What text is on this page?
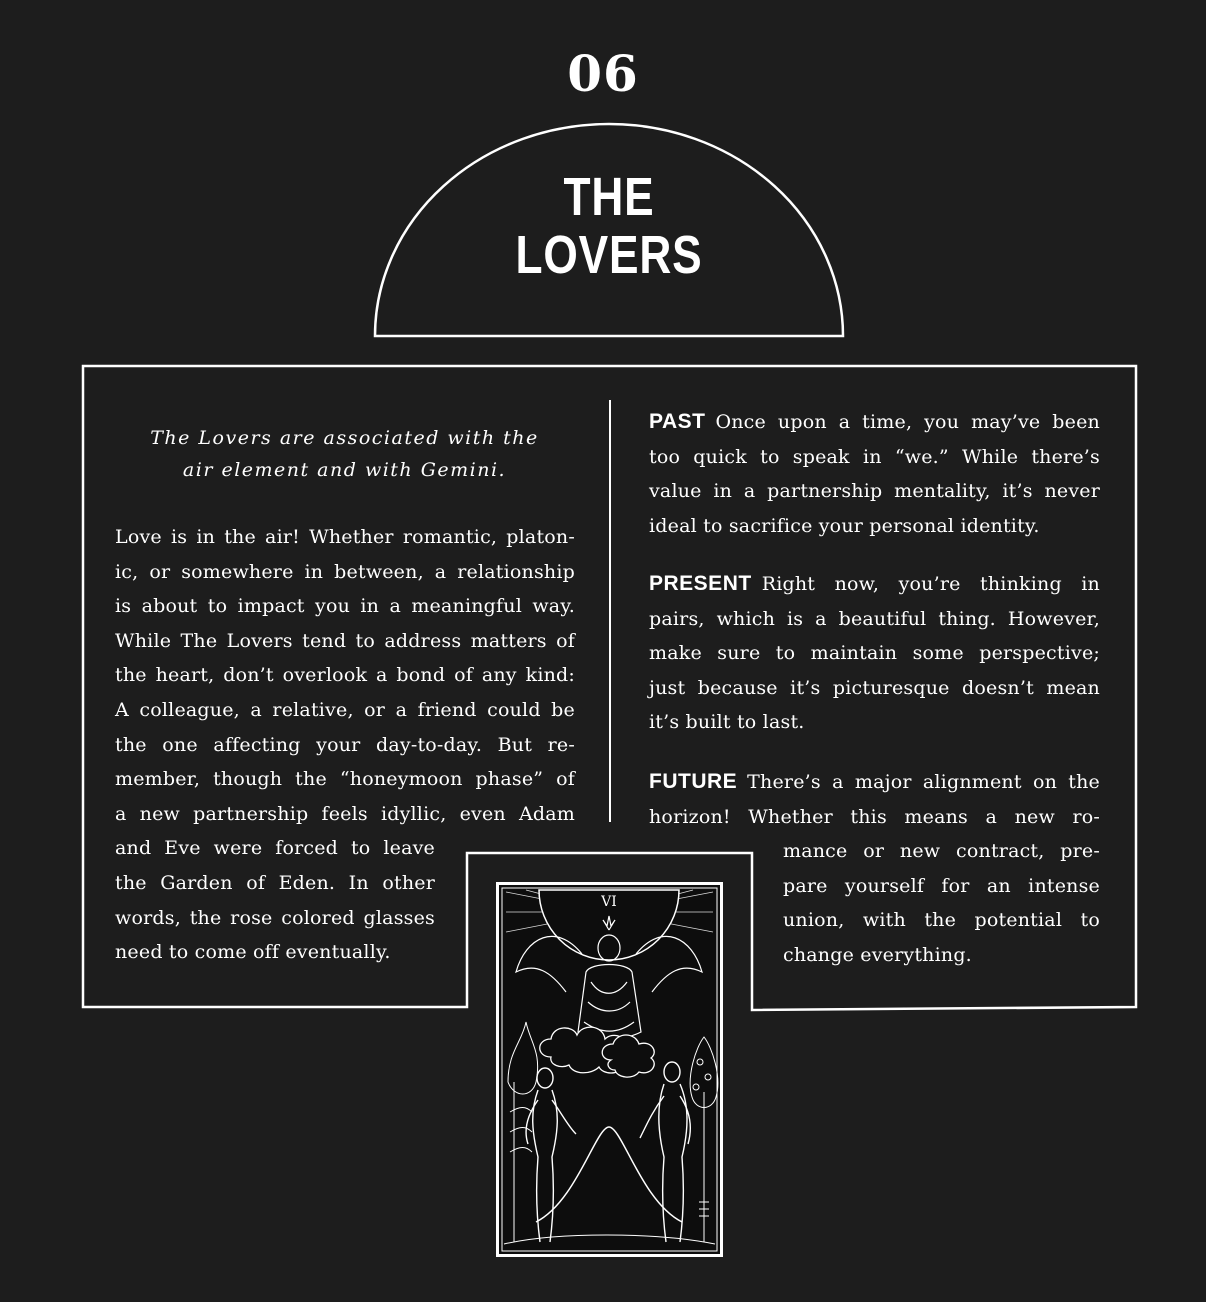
06
THE
LOVERS
The Lovers are associated with the
air element and with Gemini.
Love is in the air! Whether romantic, platon-
ic, or somewhere in between, a relationship
is about to impact you in a meaningful way.
While The Lovers tend to address matters of
the heart, don’t overlook a bond of any kind:
A colleague, a relative, or a friend could be
the one affecting your day-to-day. But re-
member, though the “honeymoon phase” of
a new partnership feels idyllic, even Adam
and Eve were forced to leave
the Garden of Eden. In other
words, the rose colored glasses
need to come off eventually.
PAST Once upon a time, you may’ve been
too quick to speak in “we.” While there’s
value in a partnership mentality, it’s never
ideal to sacrifice your personal identity.
PRESENT Right now, you’re thinking in
pairs, which is a beautiful thing. However,
make sure to maintain some perspective;
just because it’s picturesque doesn’t mean
it’s built to last.
FUTURE There’s a major alignment on the
horizon! Whether this means a new ro-
mance or new contract, pre-
pare yourself for an intense
union, with the potential to
change everything.
VI
